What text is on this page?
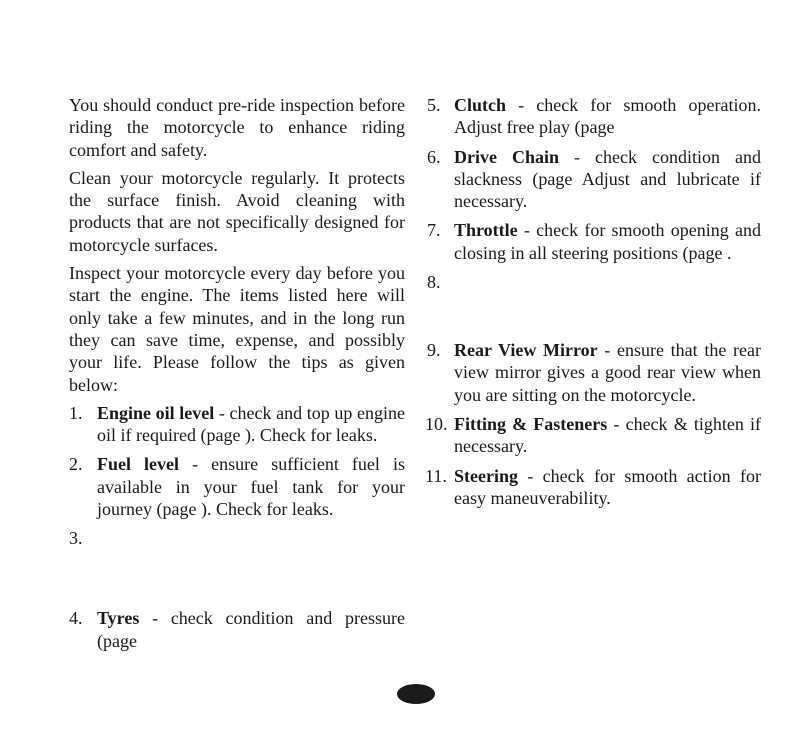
You should conduct pre-ride inspection before riding the motorcycle to enhance riding comfort and safety.

Clean your motorcycle regularly. It protects the surface finish. Avoid cleaning with products that are not specifically designed for motorcycle surfaces.

Inspect your motorcycle every day before you start the engine. The items listed here will only take a few minutes, and in the long run they can save time, expense, and possibly your life. Please follow the tips as given below:

1. Engine oil level - check and top up engine oil if required (page ). Check for leaks.
2. Fuel level - ensure sufficient fuel is available in your fuel tank for your journey (page ). Check for leaks.
3.
4. Tyres - check condition and pressure (page
5. Clutch - check for smooth operation. Adjust free play (page
6. Drive Chain - check condition and slackness (page Adjust and lubricate if necessary.
7. Throttle - check for smooth opening and closing in all steering positions (page .
8.
9. Rear View Mirror - ensure that the rear view mirror gives a good rear view when you are sitting on the motorcycle.
10. Fitting & Fasteners - check & tighten if necessary.
11. Steering - check for smooth action for easy maneuverability.
